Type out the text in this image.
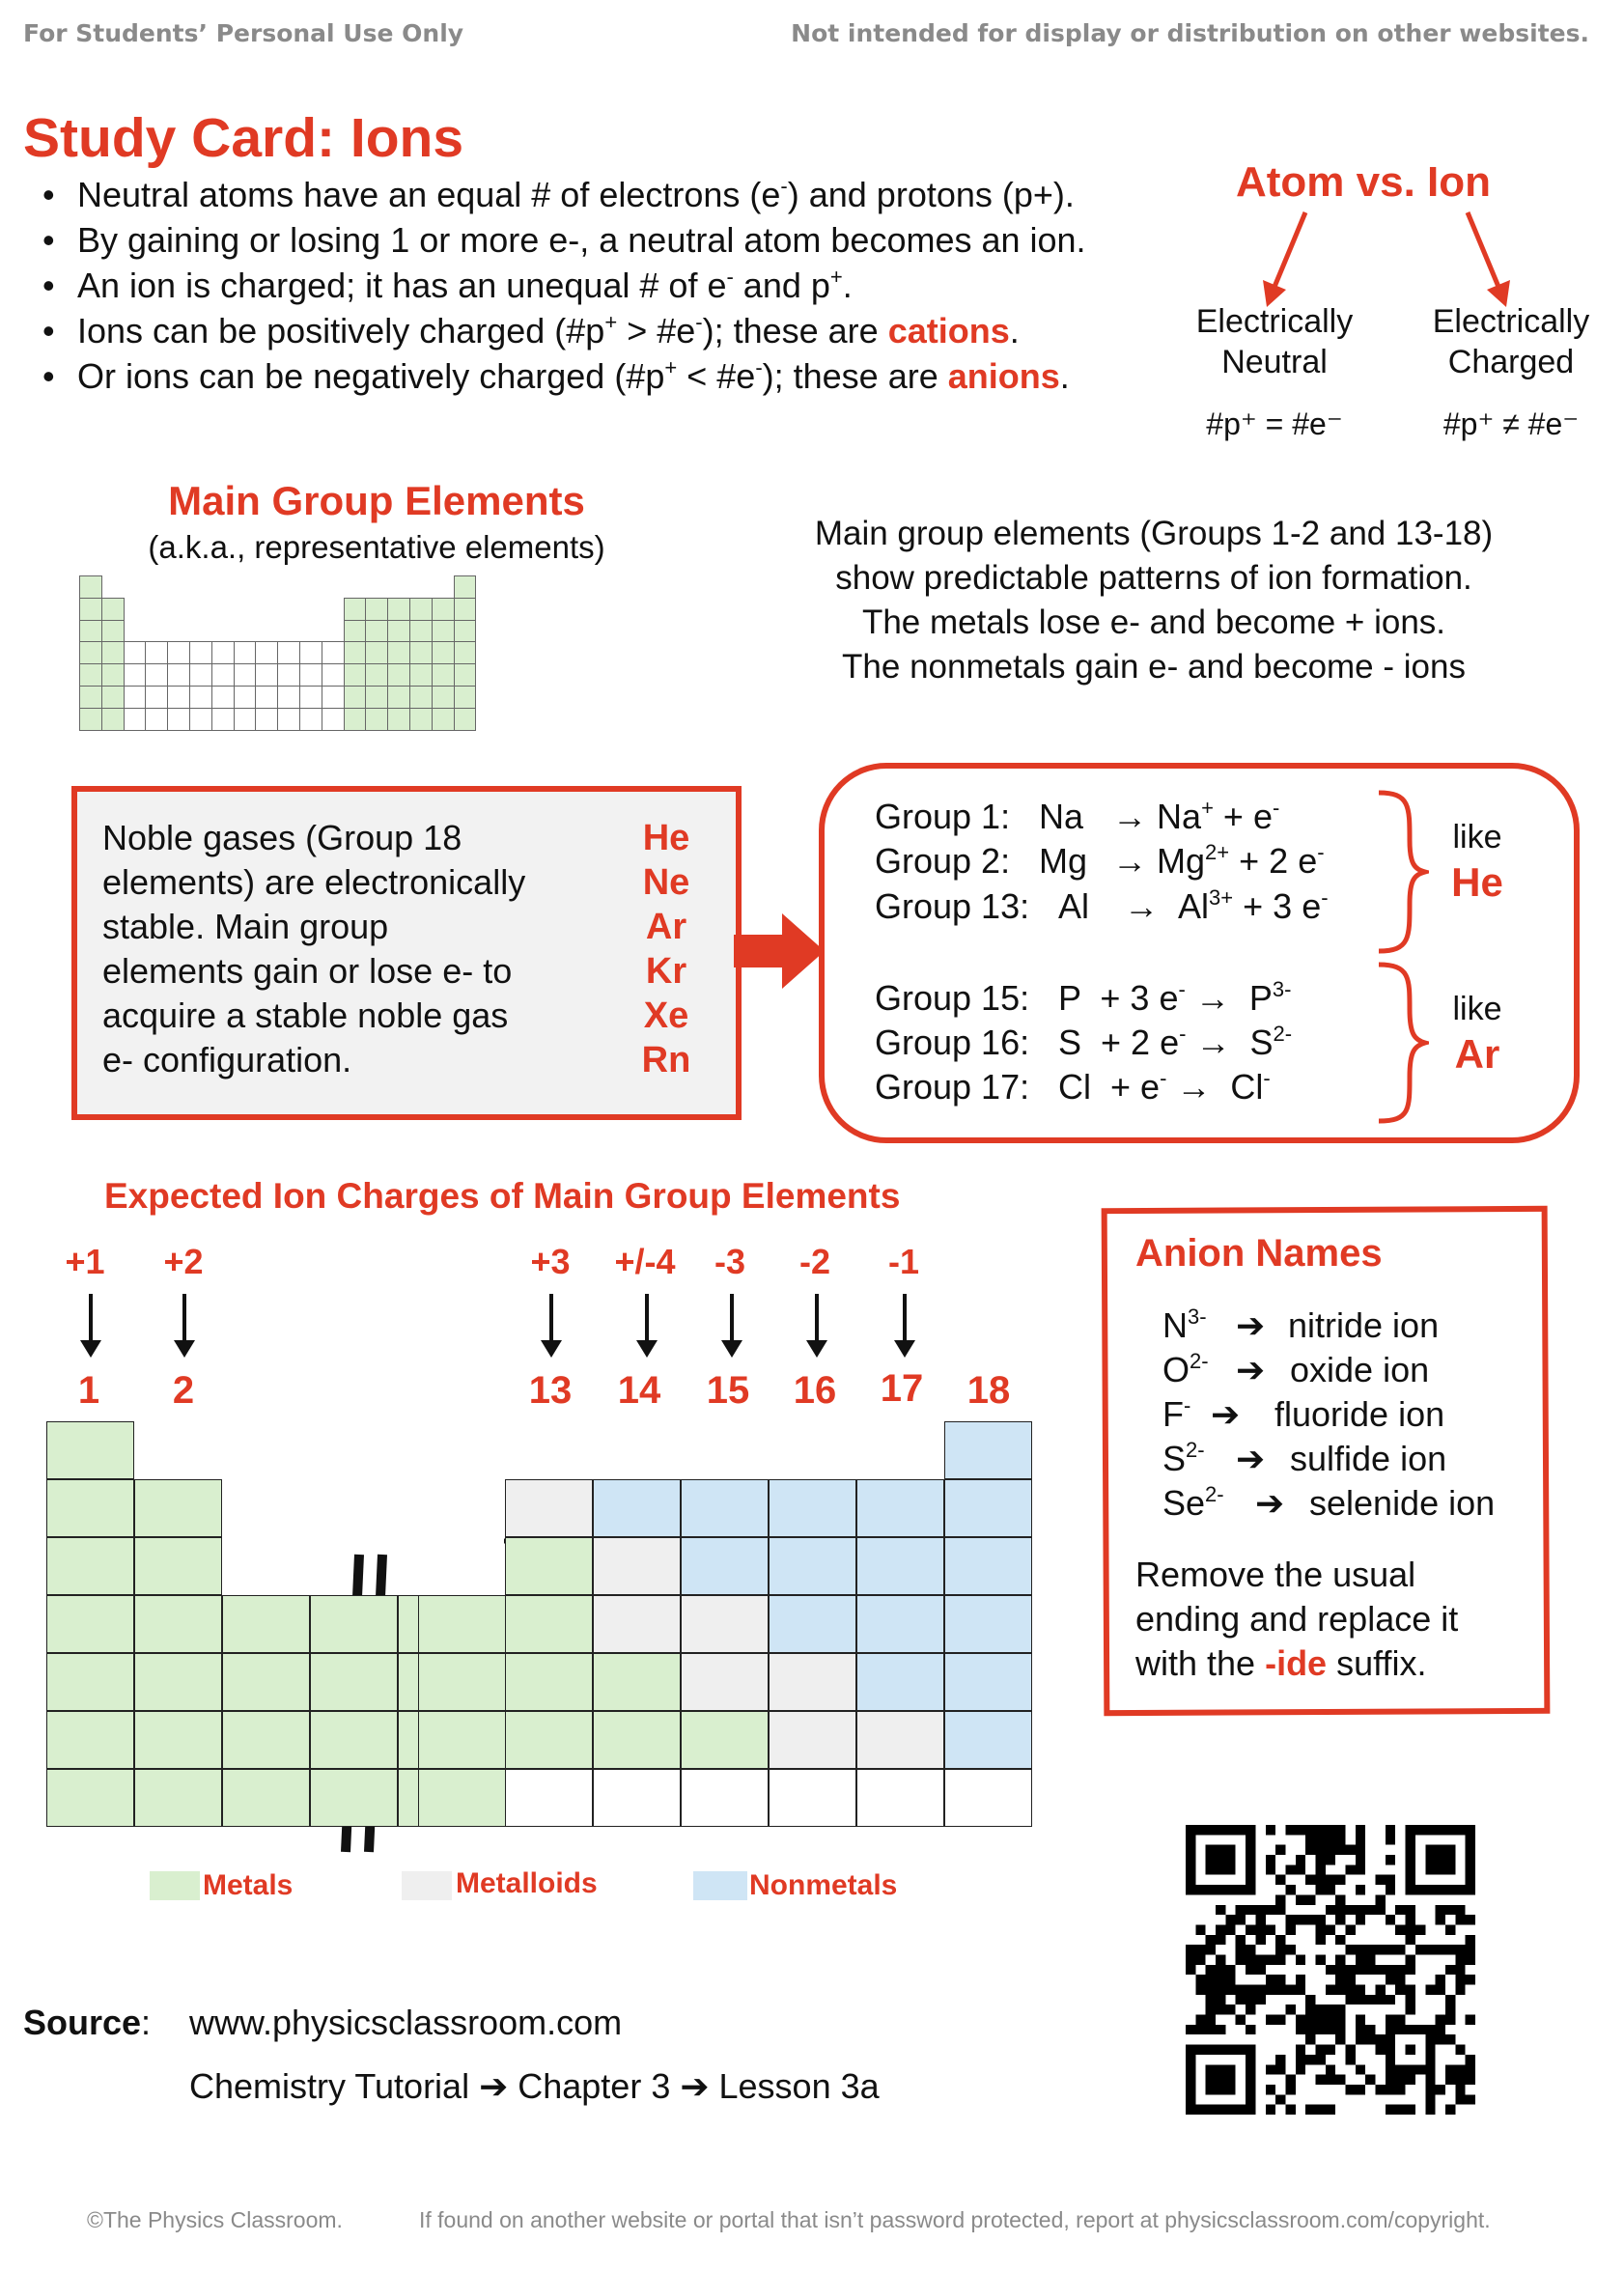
For Students’ Personal Use Only	Not intended for display or distribution on other websites.
Study Card: Ions
• Neutral atoms have an equal # of electrons (e-) and protons (p+).
• By gaining or losing 1 or more e-, a neutral atom becomes an ion.
• An ion is charged; it has an unequal # of e- and p+.
• Ions can be positively charged (#p+ > #e-); these are cations.
• Or ions can be negatively charged (#p+ < #e-); these are anions.
Atom vs. Ion
Electrically
Neutral
Electrically
Charged
#p⁺ = #e⁻	#p⁺ ≠ #e⁻
Main Group Elements
(a.k.a., representative elements)	Main group elements (Groups 1-2 and 13-18)
show predictable patterns of ion formation.
The metals lose e- and become + ions.
The nonmetals gain e- and become - ions
Noble gases (Group 18
elements) are electronically
stable. Main group
elements gain or lose e- to
acquire a stable noble gas
e- configuration.
He
Ne
Ar
Kr
Xe
Rn
Group 1: Na → Na+ + e-
Group 2: $Mg \to Mg^{2+} + 2$ e-
Group 13: $Al \to Al^{3+} + 3$ e-
Group 15: P + 3 $e^- \to P^{3-}$
Group 16: S + 2 $e^- \to S^{2-}$
Group 17: Cl + e- → Cl-
like
He
like
Ar
Expected Ion Charges of Main Group Elements
+1	+2	+3	+/-4	-3	-2	-1
1	2	13	14	15	16	17	18
Metals	Metalloids	Nonmetals
Anion Names
$N^{3-}$ ➔ nitride ion
$O^{2-}$ ➔ oxide ion
F- ➔ fluoride ion
$S^{2-}$ ➔ sulfide ion
$Se^{2-}$ ➔ selenide ion
Remove the usual
ending and replace it
with the -ide suffix.
Source: www.physicsclassroom.com
Chemistry Tutorial ➔ Chapter 3 ➔ Lesson 3a
©The Physics Classroom.	If found on another website or portal that isn’t password protected, report at physicsclassroom.com/copyright.
